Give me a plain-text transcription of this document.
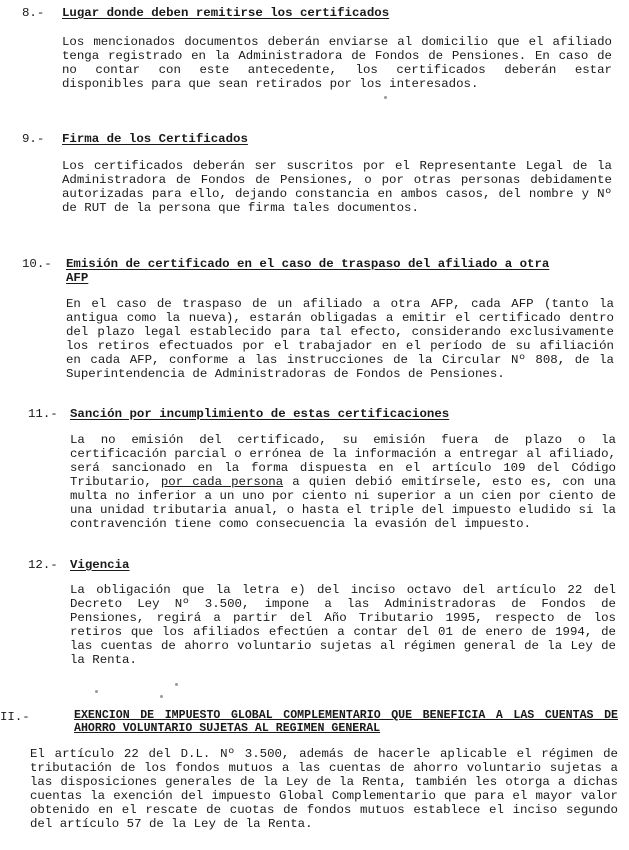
8.- Lugar donde deben remitirse los certificados

Los mencionados documentos deberán enviarse al domicilio que el afiliado tenga registrado en la Administradora de Fondos de Pensiones. En caso de no contar con este antecedente, los certificados deberán estar disponibles para que sean retirados por los interesados.

9.- Firma de los Certificados

Los certificados deberán ser suscritos por el Representante Legal de la Administradora de Fondos de Pensiones, o por otras personas debidamente autorizadas para ello, dejando constancia en ambos casos, del nombre y Nº de RUT de la persona que firma tales documentos.

10.- Emisión de certificado en el caso de traspaso del afiliado a otra
AFP

En el caso de traspaso de un afiliado a otra AFP, cada AFP (tanto la antigua como la nueva), estarán obligadas a emitir el certificado dentro del plazo legal establecido para tal efecto, considerando exclusivamente los retiros efectuados por el trabajador en el período de su afiliación en cada AFP, conforme a las instrucciones de la Circular Nº 808, de la Superintendencia de Administradoras de Fondos de Pensiones.

11.- Sanción por incumplimiento de estas certificaciones

La no emisión del certificado, su emisión fuera de plazo o la certificación parcial o errónea de la información a entregar al afiliado, será sancionado en la forma dispuesta en el artículo 109 del Código Tributario, por cada persona a quien debió emitírsele, esto es, con una multa no inferior a un uno por ciento ni superior a un cien por ciento de una unidad tributaria anual, o hasta el triple del impuesto eludido si la contravención tiene como consecuencia la evasión del impuesto.

12.- Vigencia

La obligación que la letra e) del inciso octavo del artículo 22 del Decreto Ley Nº 3.500, impone a las Administradoras de Fondos de Pensiones, regirá a partir del Año Tributario 1995, respecto de los retiros que los afiliados efectúen a contar del 01 de enero de 1994, de las cuentas de ahorro voluntario sujetas al régimen general de la Ley de la Renta.

II.-	EXENCION DE IMPUESTO GLOBAL COMPLEMENTARIO QUE BENEFICIA A LAS CUENTAS DE AHORRO VOLUNTARIO SUJETAS AL REGIMEN GENERAL

El artículo 22 del D.L. Nº 3.500, además de hacerle aplicable el régimen de tributación de los fondos mutuos a las cuentas de ahorro voluntario sujetas a las disposiciones generales de la Ley de la Renta, también les otorga a dichas cuentas la exención del impuesto Global Complementario que para el mayor valor obtenido en el rescate de cuotas de fondos mutuos establece el inciso segundo del artículo 57 de la Ley de la Renta.
